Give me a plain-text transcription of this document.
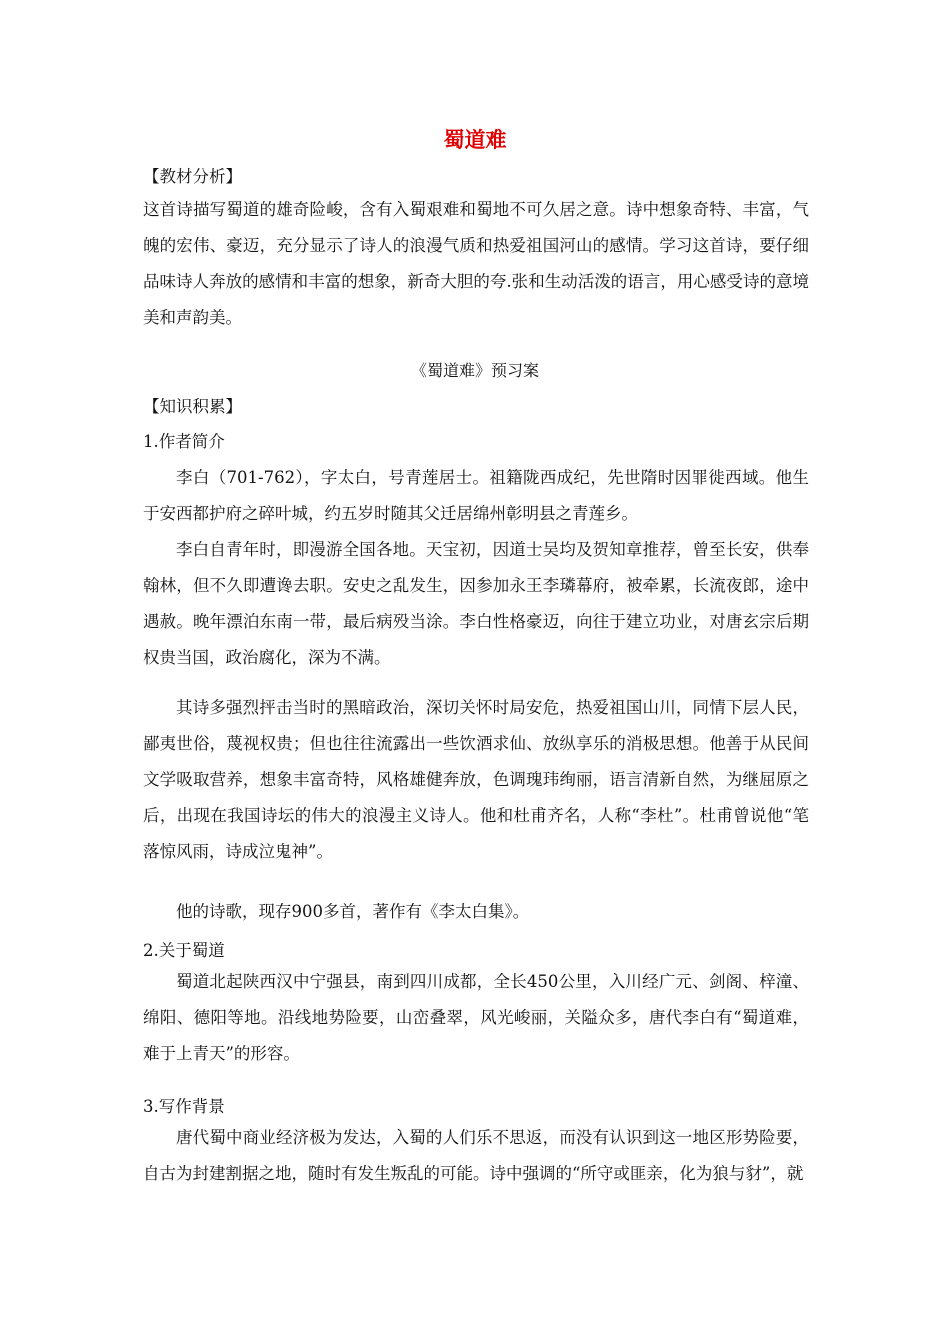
蜀道难
【教材分析】

这首诗描写蜀道的雄奇险峻，含有入蜀艰难和蜀地不可久居之意。诗中想象奇特、丰富，气魄的宏伟、豪迈，充分显示了诗人的浪漫气质和热爱祖国河山的感情。学习这首诗，要仔细品味诗人奔放的感情和丰富的想象，新奇大胆的夸.张和生动活泼的语言，用心感受诗的意境美和声韵美。

《蜀道难》预习案
【知识积累】
1.作者简介

李白（701-762），字太白，号青莲居士。祖籍陇西成纪，先世隋时因罪徙西域。他生于安西都护府之碎叶城，约五岁时随其父迁居绵州彰明县之青莲乡。

李白自青年时，即漫游全国各地。天宝初，因道士吴均及贺知章推荐，曾至长安，供奉翰林，但不久即遭谗去职。安史之乱发生，因参加永王李璘幕府，被牵累，长流夜郎，途中遇赦。晚年漂泊东南一带，最后病殁当涂。李白性格豪迈，向往于建立功业，对唐玄宗后期权贵当国，政治腐化，深为不满。

其诗多强烈抨击当时的黑暗政治，深切关怀时局安危，热爱祖国山川，同情下层人民，鄙夷世俗，蔑视权贵；但也往往流露出一些饮酒求仙、放纵享乐的消极思想。他善于从民间文学吸取营养，想象丰富奇特，风格雄健奔放，色调瑰玮绚丽，语言清新自然，为继屈原之后，出现在我国诗坛的伟大的浪漫主义诗人。他和杜甫齐名，人称“李杜”。杜甫曾说他“笔落惊风雨，诗成泣鬼神”。

他的诗歌，现存900多首，著作有《李太白集》。

2.关于蜀道

蜀道北起陕西汉中宁强县，南到四川成都，全长450公里，入川经广元、剑阁、梓潼、绵阳、德阳等地。沿线地势险要，山峦叠翠，风光峻丽，关隘众多，唐代李白有“蜀道难，难于上青天”的形容。

3.写作背景

唐代蜀中商业经济极为发达，入蜀的人们乐不思返，而没有认识到这一地区形势险要，自古为封建割据之地，随时有发生叛乱的可能。诗中强调的“所守或匪亲，化为狼与豺”，就
